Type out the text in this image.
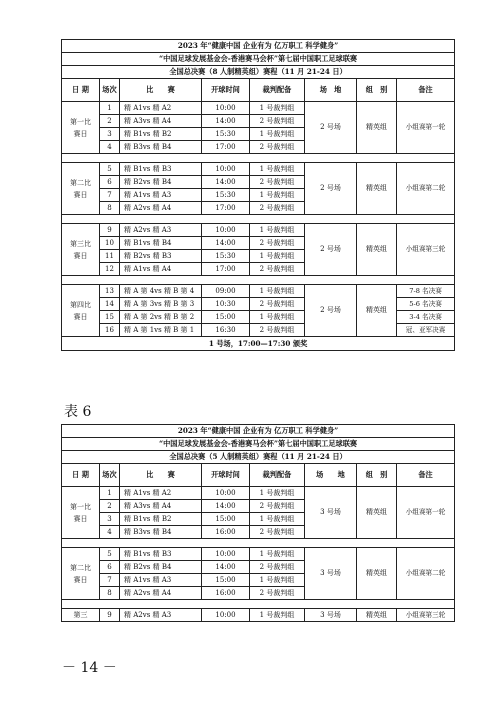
2023 年“健康中国 企业有为 亿万职工 科学健身”							
“中国足球发展基金会-香港赛马会杯”第七届中国职工足球联赛							
全国总决赛（8 人制精英组）赛程（11 月 21-24 日）							
日 期	场次	比　　赛	开球时间	裁判配备	场　地	组　别	备注
第一比赛日	1	精 A1vs 精 A2	10:00	1 号裁判组	2 号场	精英组	小组赛第一轮
	2	精 A3vs 精 A4	14:00	2 号裁判组			
	3	精 B1vs 精 B2	15:30	1 号裁判组			
	4	精 B3vs 精 B4	17:00	2 号裁判组			

第二比赛日	5	精 B1vs 精 B3	10:00	1 号裁判组	2 号场	精英组	小组赛第二轮
	6	精 B2vs 精 B4	14:00	2 号裁判组			
	7	精 A1vs 精 A3	15:30	1 号裁判组			
	8	精 A2vs 精 A4	17:00	2 号裁判组			

第三比赛日	9	精 A2vs 精 A3	10:00	1 号裁判组	2 号场	精英组	小组赛第三轮
	10	精 B1vs 精 B4	14:00	2 号裁判组			
	11	精 B2vs 精 B3	15:30	1 号裁判组			
	12	精 A1vs 精 A4	17:00	2 号裁判组			

第四比赛日	13	精 A 第 4vs 精 B 第 4	09:00	1 号裁判组	2 号场	精英组	7-8 名决赛
	14	精 A 第 3vs 精 B 第 3	10:30	2 号裁判组			5-6 名决赛
	15	精 A 第 2vs 精 B 第 2	15:00	1 号裁判组			3-4 名决赛
	16	精 A 第 1vs 精 B 第 1	16:30	2 号裁判组			冠、亚军决赛
1 号场，17:00—17:30 颁奖							
表 6
2023 年“健康中国 企业有为 亿万职工 科学健身”							
“中国足球发展基金会-香港赛马会杯”第七届中国职工足球联赛							
全国总决赛（5 人制精英组）赛程（11 月 21-24 日）							
日 期	场次	比　　赛	开球时间	裁判配备	场　　地	组　别	备注
第一比赛日	1	精 A1vs 精 A2	10:00	1 号裁判组	3 号场	精英组	小组赛第一轮
	2	精 A3vs 精 A4	14:00	2 号裁判组			
	3	精 B1vs 精 B2	15:00	1 号裁判组			
	4	精 B3vs 精 B4	16:00	2 号裁判组			

第二比赛日	5	精 B1vs 精 B3	10:00	1 号裁判组	3 号场	精英组	小组赛第二轮
	6	精 B2vs 精 B4	14:00	2 号裁判组			
	7	精 A1vs 精 A3	15:00	1 号裁判组			
	8	精 A2vs 精 A4	16:00	2 号裁判组			

第三	9	精 A2vs 精 A3	10:00	1 号裁判组	3 号场	精英组	小组赛第三轮
－ 14 －
